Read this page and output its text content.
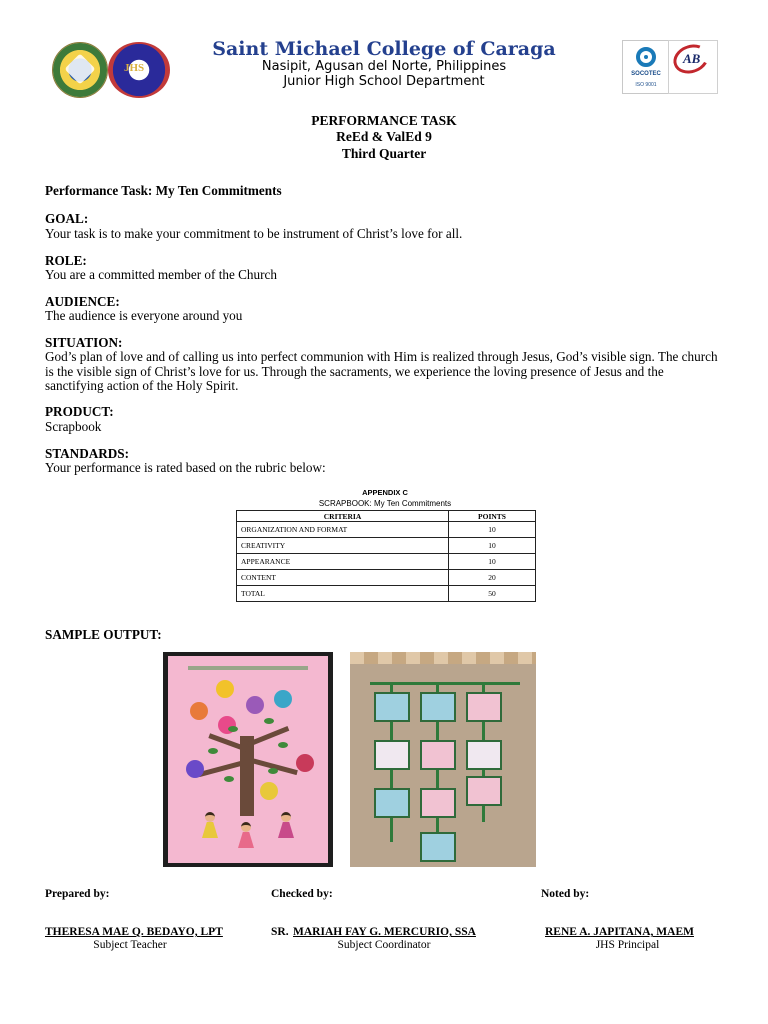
JHS
Saint Michael College of Caraga
Nasipit, Agusan del Norte, Philippines
Junior High School Department	SOCOTEC
ISO 9001
AB
PERFORMANCE TASK
ReEd & ValEd 9
Third Quarter
Performance Task: My Ten Commitments
GOAL:
Your task is to make your commitment to be instrument of Christ’s love for all.
ROLE:
You are a committed member of the Church
AUDIENCE:
The audience is everyone around you
SITUATION:
God’s plan of love and of calling us into perfect communion with Him is realized through Jesus, God’s visible sign. The church is the visible sign of Christ’s love for us. Through the sacraments, we experience the loving presence of Jesus and the sanctifying action of the Holy Spirit.
PRODUCT:
Scrapbook
STANDARDS:
Your performance is rated based on the rubric below:
APPENDIX C
SCRAPBOOK: My Ten Commitments
CRITERIA	POINTS
ORGANIZATION AND FORMAT	10
CREATIVITY	10
APPEARANCE	10
CONTENT	20
TOTAL	50
SAMPLE OUTPUT:
Prepared by:	Checked by:	Noted by:
THERESA MAE Q. BEDAYO, LPT
Subject Teacher
SR. MARIAH FAY G. MERCURIO, SSA
Subject Coordinator
RENE A. JAPITANA, MAEM
JHS Principal
